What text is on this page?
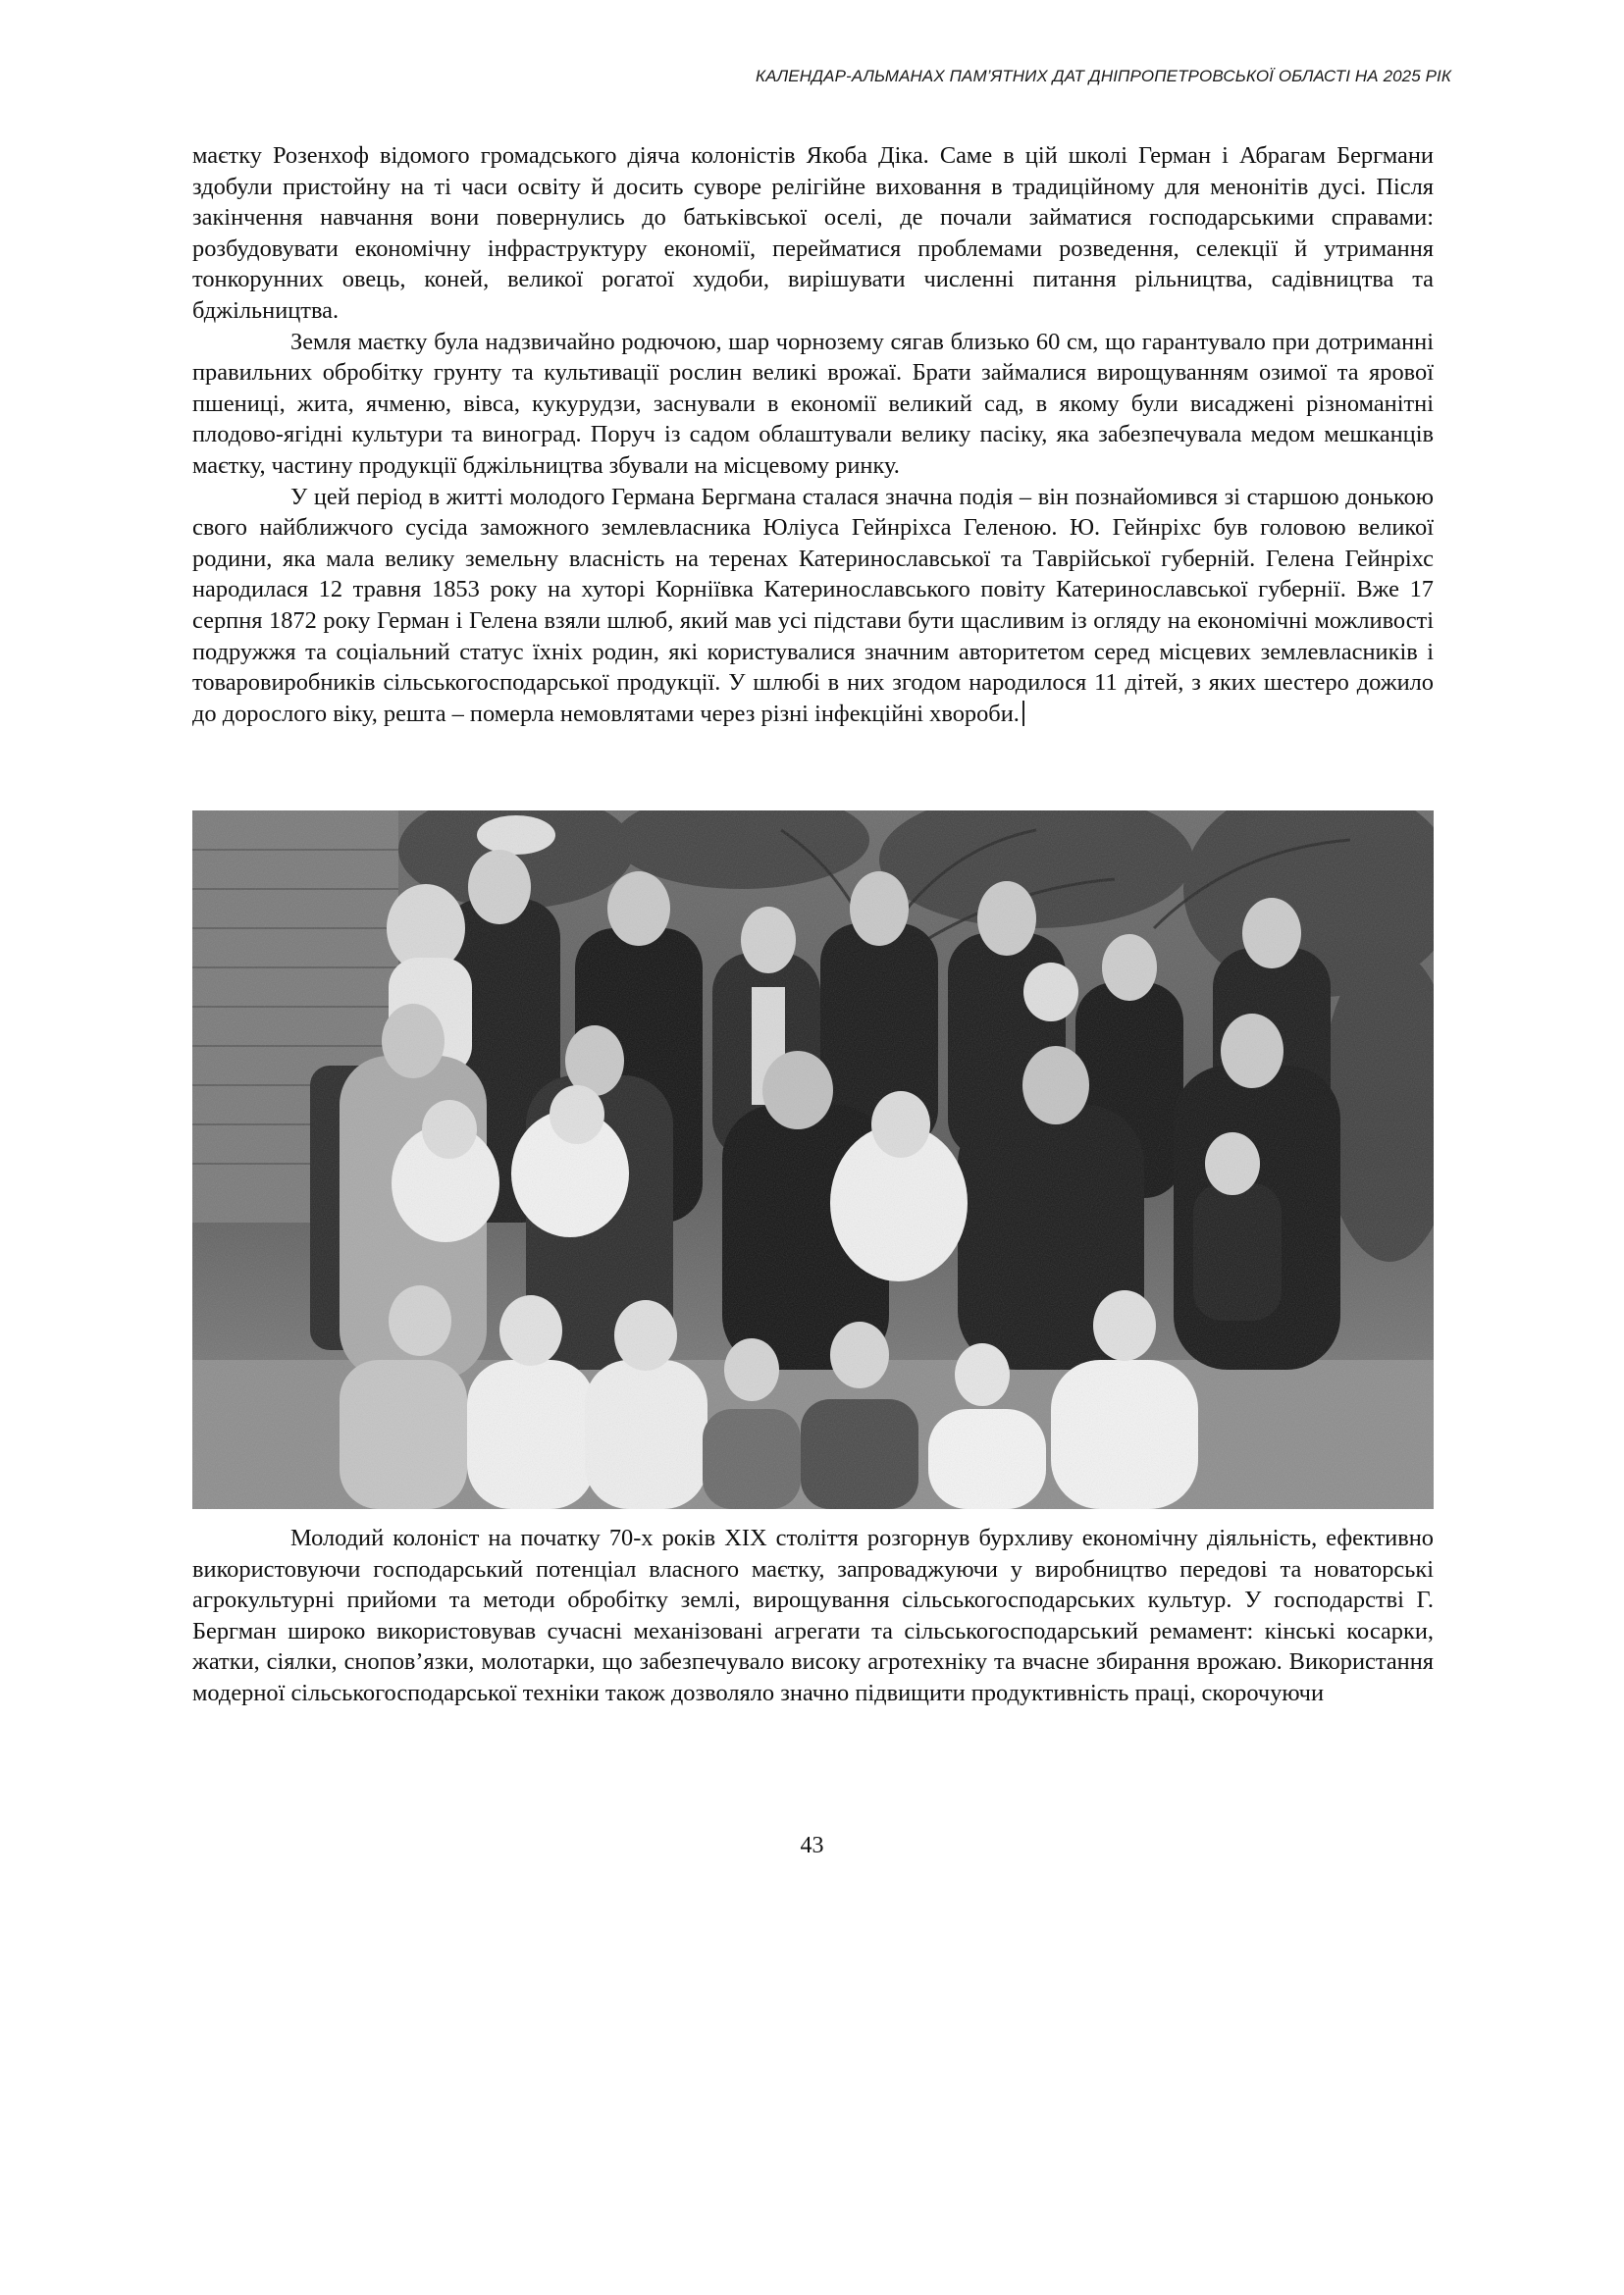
КАЛЕНДАР-АЛЬМАНАХ ПАМ’ЯТНИХ ДАТ ДНІПРОПЕТРОВСЬКОЇ ОБЛАСТІ НА 2025 РІК

маєтку Розенхоф відомого громадського діяча колоністів Якоба Діка. Саме в цій школі Герман і Абрагам Бергмани здобули пристойну на ті часи освіту й досить суворе релігійне виховання в традиційному для менонітів дусі. Після закінчення навчання вони повернулись до батьківської оселі, де почали займатися господарськими справами: розбудовувати економічну інфраструктуру економії, перейматися проблемами розведення, селекції й утримання тонкорунних овець, коней, великої рогатої худоби, вирішувати численні питання рільництва, садівництва та бджільництва.

Земля маєтку була надзвичайно родючою, шар чорнозему сягав близько 60 см, що гарантувало при дотриманні правильних обробітку грунту та культивації рослин великі врожаї. Брати займалися вирощуванням озимої та ярової пшениці, жита, ячменю, вівса, кукурудзи, заснували в економії великий сад, в якому були висаджені різноманітні плодово-ягідні культури та виноград. Поруч із садом облаштували велику пасіку, яка забезпечувала медом мешканців маєтку, частину продукції бджільництва збували на місцевому ринку.

У цей період в житті молодого Германа Бергмана сталася значна подія – він познайомився зі старшою донькою свого найближчого сусіда заможного землевласника Юліуса Гейнріхса Геленою. Ю. Гейнріхс був головою великої родини, яка мала велику земельну власність на теренах Катеринославської та Таврійської губерній. Гелена Гейнріхс народилася 12 травня 1853 року на хуторі Корніївка Катеринославського повіту Катеринославської губернії. Вже 17 серпня 1872 року Герман і Гелена взяли шлюб, який мав усі підстави бути щасливим із огляду на економічні можливості подружжя та соціальний статус їхніх родин, які користувалися значним авторитетом серед місцевих землевласників і товаровиробників сільськогосподарської продукції. У шлюбі в них згодом народилося 11 дітей, з яких шестеро дожило до дорослого віку, решта – померла немовлятами через різні інфекційні хвороби.

Молодий колоніст на початку 70-х років XIX століття розгорнув бурхливу економічну діяльність, ефективно використовуючи господарський потенціал власного маєтку, запроваджуючи у виробництво передові та новаторські агрокультурні прийоми та методи обробітку землі, вирощування сільськогосподарських культур. У господарстві Г. Бергман широко використовував сучасні механізовані агрегати та сільськогосподарський ремамент: кінські косарки, жатки, сіялки, снопов’язки, молотарки, що забезпечувало високу агротехніку та вчасне збирання врожаю. Використання модерної сільськогосподарської техніки також дозволяло значно підвищити продуктивність праці, скорочуючи

43
